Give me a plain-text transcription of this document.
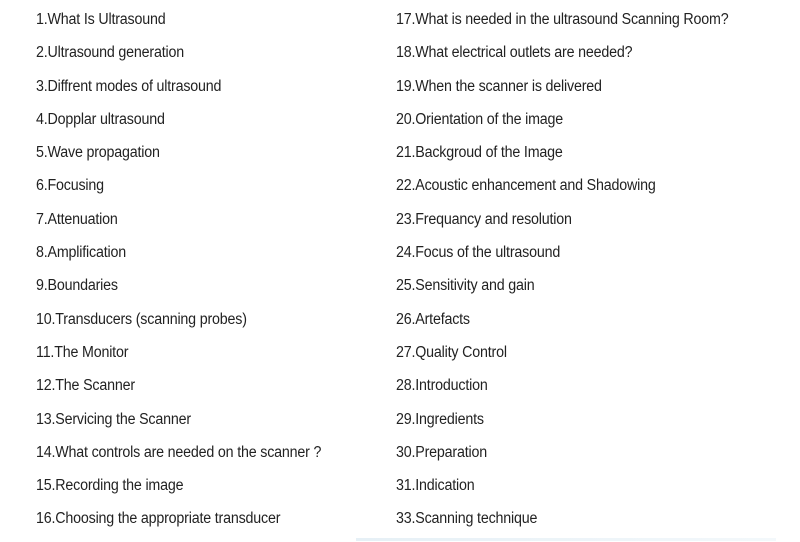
1.What Is Ultrasound
2.Ultrasound generation
3.Diffrent modes of ultrasound
4.Dopplar ultrasound
5.Wave propagation
6.Focusing
7.Attenuation
8.Amplification
9.Boundaries
10.Transducers (scanning probes)
11.The Monitor
12.The Scanner
13.Servicing the Scanner
14.What controls are needed on the scanner ?
15.Recording the image
16.Choosing the appropriate transducer
17.What is needed in the ultrasound Scanning Room?
18.What electrical outlets are needed?
19.When the scanner is delivered
20.Orientation of the image
21.Backgroud of the Image
22.Acoustic enhancement and Shadowing
23.Frequancy and resolution
24.Focus of the ultrasound
25.Sensitivity and gain
26.Artefacts
27.Quality Control
28.Introduction
29.Ingredients
30.Preparation
31.Indication
33.Scanning technique
